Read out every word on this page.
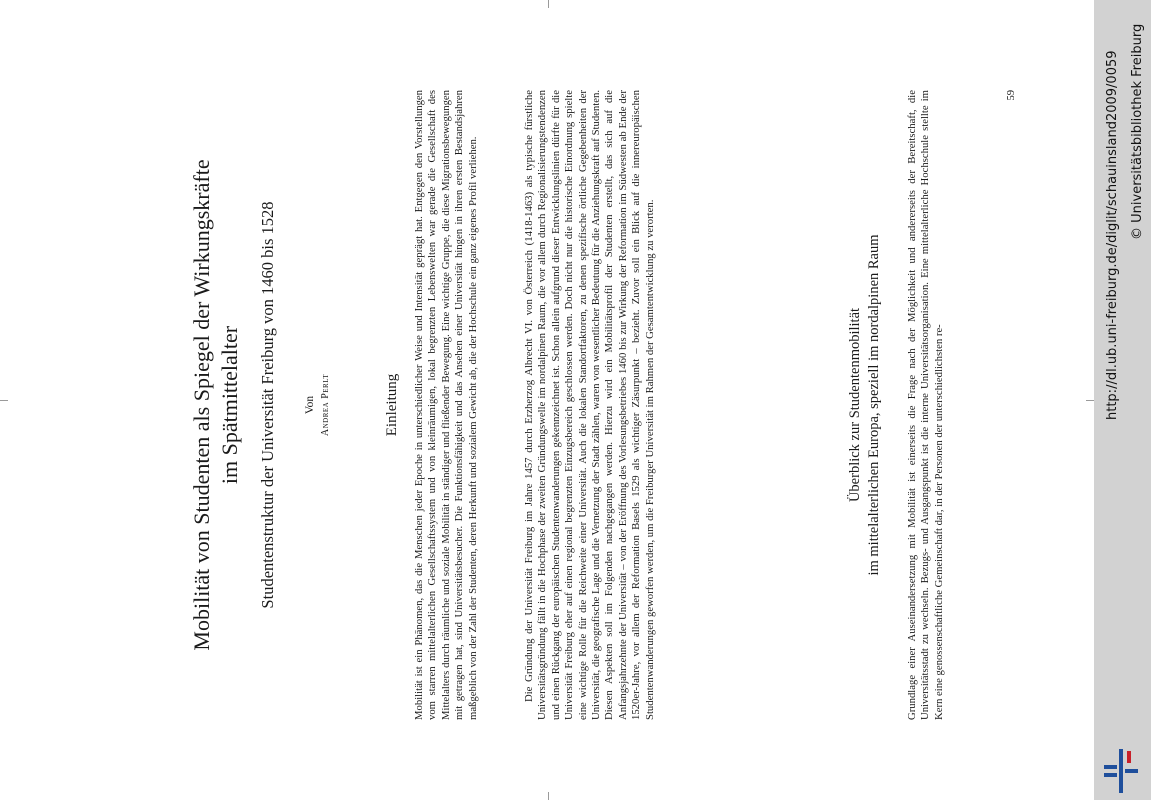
Mobilität von Studenten als Spiegel der Wirkungskräfte im Spätmittelalter Studentenstruktur der Universität Freiburg von 1460 bis 1528 Von Andrea Perlt	Einleitung Mobilität ist ein Phänomen, das die Menschen jeder Epoche in unterschiedlicher Weise und Intensität geprägt hat. Entgegen den Vorstellungen vom starren mittelalterlichen Gesellschaftssystem und von kleinräumigen, lokal begrenzten Lebenswelten war gerade die Gesellschaft des Mittelalters durch räumliche und soziale Mobilität in ständiger und fließender Bewegung. Eine wichtige Gruppe, die diese Migrationsbewegungen mit getragen hat, sind Universitätsbesucher. Die Funktionsfähigkeit und das Ansehen einer Universität hingen in ihren ersten Bestandsjahren maßgeblich von der Zahl der Studenten, deren Herkunft und sozialem Gewicht ab, die der Hochschule ein ganz eigenes Profil verliehen.	Die Gründung der Universität Freiburg im Jahre 1457 durch Erzherzog Albrecht VI. von Österreich (1418-1463) als typische fürstliche Universitätsgründung fällt in die Hochphase der zweiten Gründungswelle im nordalpinen Raum, die vor allem durch Regionalisierungstendenzen und einen Rückgang der europäischen Studentenwanderungen gekennzeichnet ist. Schon allein aufgrund dieser Entwicklungslinien dürfte für die Universität Freiburg eher auf einen regional begrenzten Einzugsbereich geschlossen werden. Doch nicht nur die historische Einordnung spielte eine wichtige Rolle für die Reichweite einer Universität. Auch die lokalen Standortfaktoren, zu denen spezifische örtliche Gegebenheiten der Universität, die geografische Lage und die Vernetzung der Stadt zählen, waren von wesentlicher Bedeutung für die Anziehungskraft auf Studenten. Diesen Aspekten soll im Folgenden nachgegangen werden. Hierzu wird ein Mobilitätsprofil der Studenten erstellt, das sich auf die Anfangsjahrzehnte der Universität – von der Eröffnung des Vorlesungsbetriebes 1460 bis zur Wirkung der Reformation im Südwesten ab Ende der 1520er-Jahre, vor allem der Reformation Basels 1529 als wichtiger Zäsurpunkt – bezieht. Zuvor soll ein Blick auf die innereuropäischen Studentenwanderungen geworfen werden, um die Freiburger Universität im Rahmen der Gesamtentwicklung zu verorten.	Überblick zur Studentenmobilität im mittelalterlichen Europa, speziell im nordalpinen Raum Grundlage einer Auseinandersetzung mit Mobilität ist einerseits die Frage nach der Möglichkeit und andererseits der Bereitschaft, die Universitätsstadt zu wechseln. Bezugs- und Ausgangspunkt ist die interne Universitätsorganisation. Eine mittelalterliche Hochschule stellte im Kern eine genossenschaftliche Gemeinschaft dar, in der Personen der unterschiedlichsten re-

59	http://dl.ub.uni-freiburg.de/diglit/schauinsland2009/0059 © Universitätsbibliothek Freiburg
